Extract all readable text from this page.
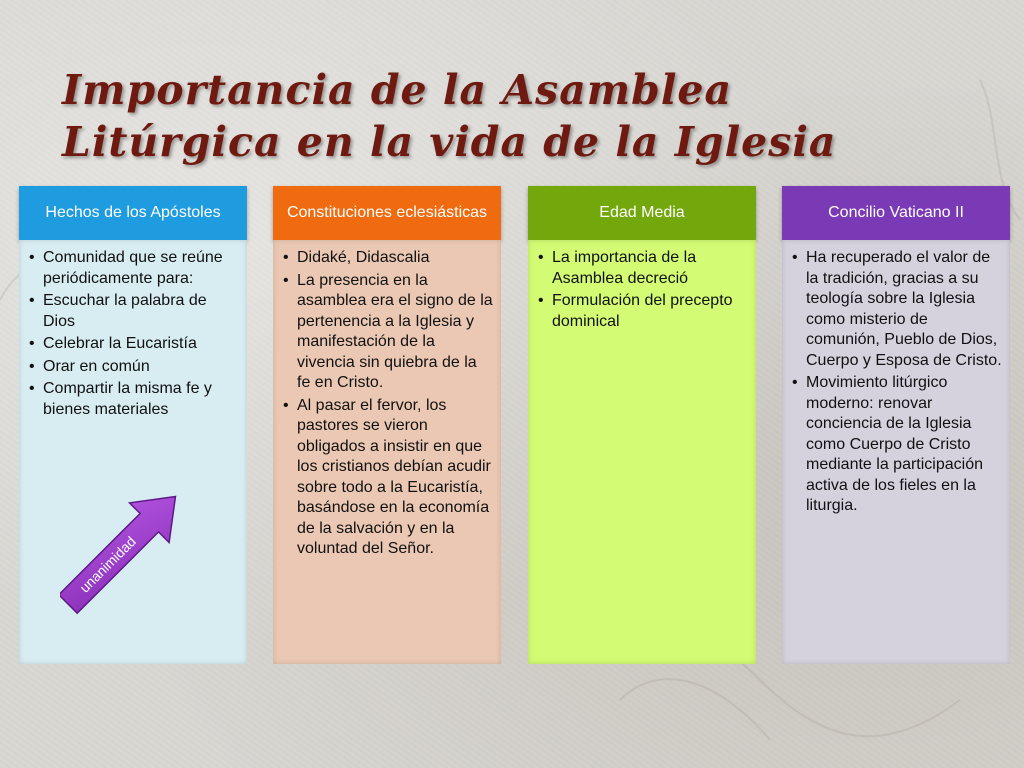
Importancia de la Asamblea
Litúrgica en la vida de la Iglesia
Hechos de los Apóstoles
• Comunidad que se reúne periódicamente para:
• Escuchar la palabra de Dios
• Celebrar la Eucaristía
• Orar en común
• Compartir la misma fe y bienes materiales
Constituciones eclesiásticas
• Didaké, Didascalia
• La presencia en la asamblea era el signo de la pertenencia a la Iglesia y manifestación de la vivencia sin quiebra de la fe en Cristo.
• Al pasar el fervor, los pastores se vieron obligados a insistir en que los cristianos debían acudir sobre todo a la Eucaristía, basándose en la economía de la salvación y en la voluntad del Señor.
Edad Media
• La importancia de la Asamblea decreció
• Formulación del precepto dominical
Concilio Vaticano II
• Ha recuperado el valor de la tradición, gracias a su teología sobre la Iglesia como misterio de comunión, Pueblo de Dios, Cuerpo y Esposa de Cristo.
• Movimiento litúrgico moderno: renovar conciencia de la Iglesia como Cuerpo de Cristo mediante la participación activa de los fieles en la liturgia.
unanimidad
